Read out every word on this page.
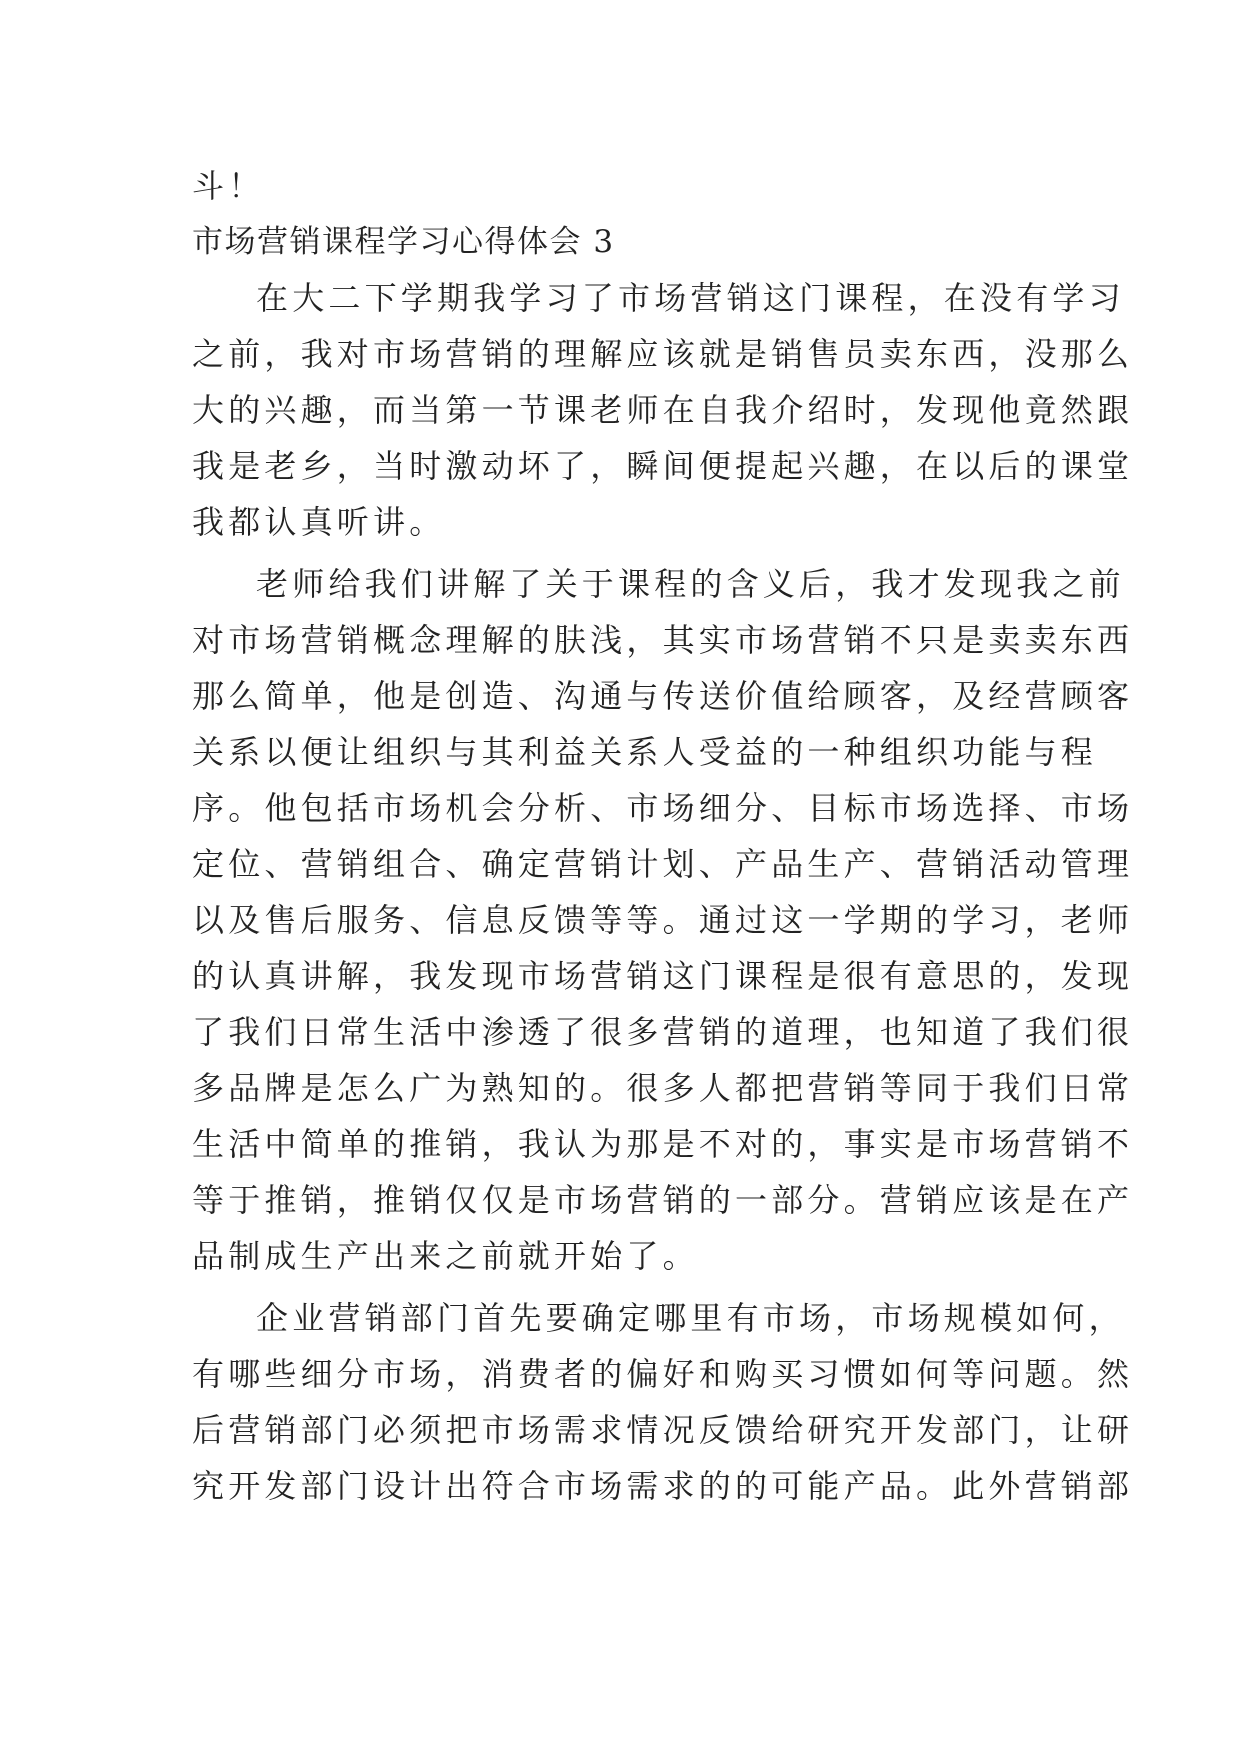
斗！
市场营销课程学习心得体会 3
在大二下学期我学习了市场营销这门课程，在没有学习
之前，我对市场营销的理解应该就是销售员卖东西，没那么
大的兴趣，而当第一节课老师在自我介绍时，发现他竟然跟
我是老乡，当时激动坏了，瞬间便提起兴趣，在以后的课堂
我都认真听讲。
老师给我们讲解了关于课程的含义后，我才发现我之前
对市场营销概念理解的肤浅，其实市场营销不只是卖卖东西
那么简单，他是创造、沟通与传送价值给顾客，及经营顾客
关系以便让组织与其利益关系人受益的一种组织功能与程
序。他包括市场机会分析、市场细分、目标市场选择、市场
定位、营销组合、确定营销计划、产品生产、营销活动管理
以及售后服务、信息反馈等等。通过这一学期的学习，老师
的认真讲解，我发现市场营销这门课程是很有意思的，发现
了我们日常生活中渗透了很多营销的道理，也知道了我们很
多品牌是怎么广为熟知的。很多人都把营销等同于我们日常
生活中简单的推销，我认为那是不对的，事实是市场营销不
等于推销，推销仅仅是市场营销的一部分。营销应该是在产
品制成生产出来之前就开始了。
企业营销部门首先要确定哪里有市场，市场规模如何，
有哪些细分市场，消费者的偏好和购买习惯如何等问题。然
后营销部门必须把市场需求情况反馈给研究开发部门，让研
究开发部门设计出符合市场需求的的可能产品。此外营销部
